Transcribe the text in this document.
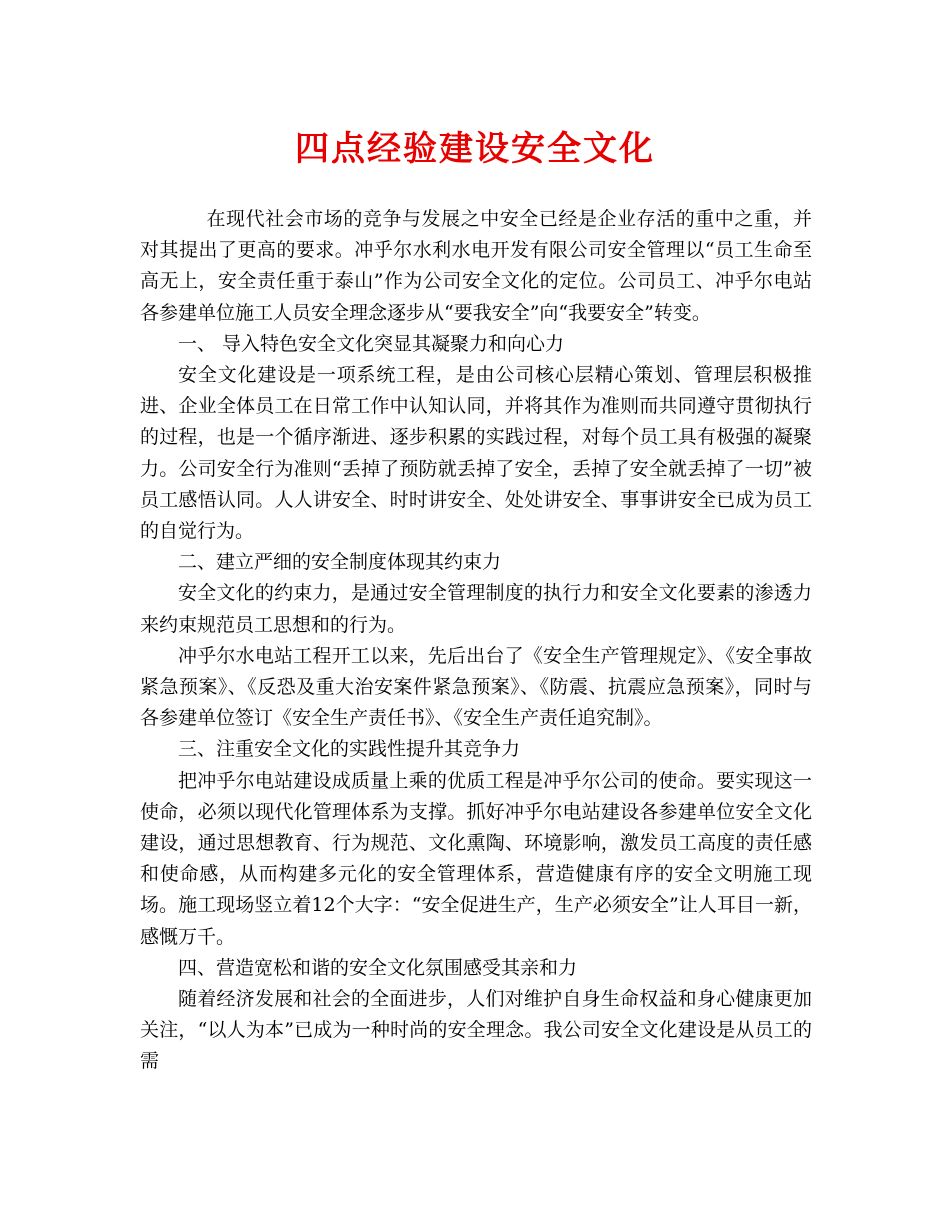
四点经验建设安全文化

在现代社会市场的竞争与发展之中安全已经是企业存活的重中之重，并对其提出了更高的要求。冲乎尔水利水电开发有限公司安全管理以“员工生命至高无上，安全责任重于泰山”作为公司安全文化的定位。公司员工、冲乎尔电站各参建单位施工人员安全理念逐步从“要我安全”向“我要安全”转变。

一、 导入特色安全文化突显其凝聚力和向心力

安全文化建设是一项系统工程，是由公司核心层精心策划、管理层积极推进、企业全体员工在日常工作中认知认同，并将其作为准则而共同遵守贯彻执行的过程，也是一个循序渐进、逐步积累的实践过程，对每个员工具有极强的凝聚力。公司安全行为准则“丢掉了预防就丢掉了安全，丢掉了安全就丢掉了一切”被员工感悟认同。人人讲安全、时时讲安全、处处讲安全、事事讲安全已成为员工的自觉行为。

二、建立严细的安全制度体现其约束力

安全文化的约束力，是通过安全管理制度的执行力和安全文化要素的渗透力来约束规范员工思想和的行为。

冲乎尔水电站工程开工以来，先后出台了《安全生产管理规定》、《安全事故紧急预案》、《反恐及重大治安案件紧急预案》、《防震、抗震应急预案》，同时与各参建单位签订《安全生产责任书》、《安全生产责任追究制》。

三、注重安全文化的实践性提升其竞争力

把冲乎尔电站建设成质量上乘的优质工程是冲乎尔公司的使命。要实现这一使命，必须以现代化管理体系为支撑。抓好冲乎尔电站建设各参建单位安全文化建设，通过思想教育、行为规范、文化熏陶、环境影响，激发员工高度的责任感和使命感，从而构建多元化的安全管理体系，营造健康有序的安全文明施工现场。施工现场竖立着12个大字：“安全促进生产，生产必须安全”让人耳目一新，感慨万千。

四、营造宽松和谐的安全文化氛围感受其亲和力

随着经济发展和社会的全面进步，人们对维护自身生命权益和身心健康更加关注，“以人为本”已成为一种时尚的安全理念。我公司安全文化建设是从员工的需
